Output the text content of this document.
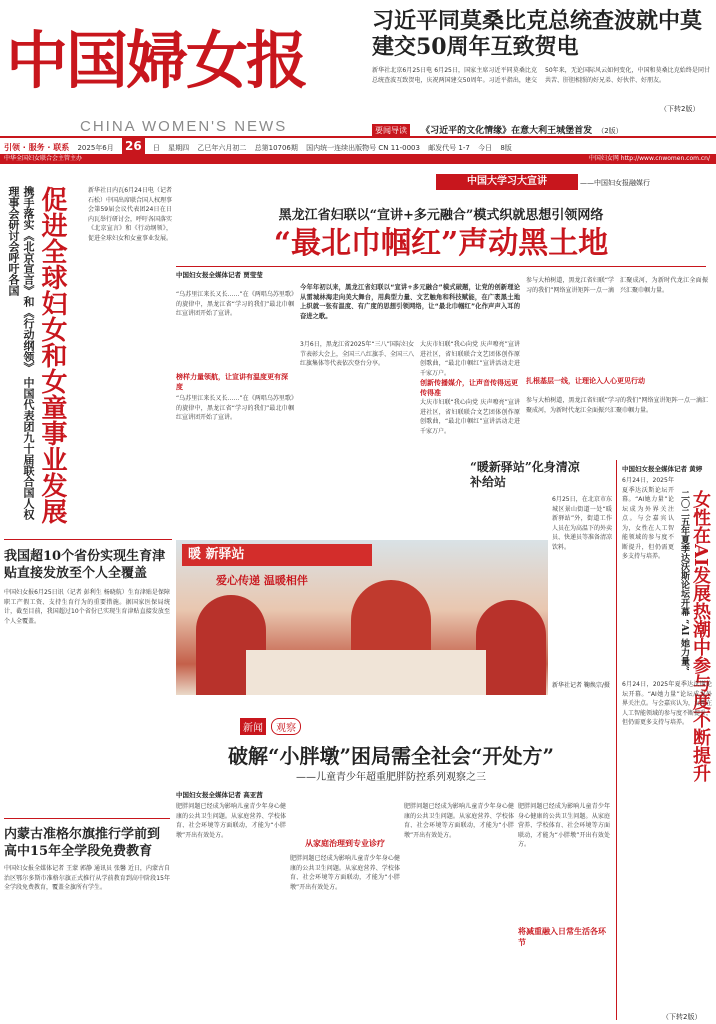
中国婦女报
CHINA WOMEN'S NEWS
引领 · 服务 · 联系 2025年6月 26 日 星期四 乙巳年六月初二 总第10706期 国内统一连续出版物号 CN 11-0003 邮发代号 1-7 今日 8版
中华全国妇女联合会主管主办	中国妇女网 http://www.cnwomen.com.cn/
习近平同莫桑比克总统查波就中莫建交50周年互致贺电
新华社北京6月25日电 6月25日，国家主席习近平同莫桑比克总统查波互致贺电，庆祝两国建交50周年。习近平指出，建交50年来，无论国际风云如何变化，中国和莫桑比克始终是同甘共苦、肝胆相照的好兄弟、好伙伴、好朋友。
（下转2版）
要闻导读 《习近平的文化情缘》在意大利王城堡首发 （2版）
携手落实《北京宣言》和《行动纲领》 中国代表团九十届联合国人权理事会研讨会呼吁各国 促进全球妇女和女童事业发展	新华社日内瓦6月24日电（记者 石松）中国出席联合国人权理事会第59届会议代表团24日在日内瓦举行研讨会，呼吁各国落实《北京宣言》和《行动纲领》，促进全球妇女和女童事业发展。
中国大学习大宣讲	——中国妇女报融媒行
黑龙江省妇联以“宣讲+多元融合”模式织就思想引领网络
“最北巾帼红”声动黑土地
中国妇女报全媒体记者 贾莹莹
今年年初以来，黑龙江省妇联以“宣讲+多元融合”模式破题，让党的创新理论从雷城林海走向美大舞台，用典型力量、文艺触角和科技赋能，在广袤黑土地上织就一张有温度、有广度的思想引领网络，让“最北巾帼红”化作声声入耳的奋进之歌。
“乌苏里江来长又长……”在《两唱乌苏里歌》的旋律中，黑龙江省“学习的我们”最北巾帼红宣讲团开始了宣讲。
榜样力量领航，让宣讲有温度更有深度
“乌苏里江来长又长……”在《两唱乌苏里歌》的旋律中，黑龙江省“学习的我们”最北巾帼红宣讲团开始了宣讲。
3月6日，黑龙江省2025年“三八”国际妇女节表彰大会上，全国三八红旗手、全国三八红旗集体等代表依次登台分享。
大庆市妇联“我心向党 庆声嘹亮”宣讲进社区，省妇联联合文艺团体创作原创歌曲，“最北巾帼红”宣讲活动走进千家万户。
创新传播媒介，让声音传得远更传得准
大庆市妇联“我心向党 庆声嘹亮”宣讲进社区，省妇联联合文艺团体创作原创歌曲，“最北巾帼红”宣讲活动走进千家万户。
参与大柏树道，黑龙江省妇联“学习的我们”网络宣讲矩阵一点一滴汇聚成河，为新时代龙江全面振兴汇聚巾帼力量。
扎根基层一线，让理论入人心更见行动
参与大柏树道，黑龙江省妇联“学习的我们”网络宣讲矩阵一点一滴汇聚成河，为新时代龙江全面振兴汇聚巾帼力量。
暖 新驿站
爱心传递 温暖相伴
“暖新驿站”化身清凉补给站
6月25日，在北京市东城区景山街道一处“暖新驿站”外，街道工作人员在为高温下的外卖员、快递员等准备清凉饮料。
新华社记者 鞠焕宗/摄
我国超10个省份实现生育津贴直接发放至个人全覆盖
中国妇女报6月25日讯（记者 彭利生 杨晓航）生育津贴是保障职工产假工资、支持生育行为的重要措施。据国家医保局统计，截至目前，我国超过10个省份已实现生育津贴直接发放至个人全覆盖。
内蒙古准格尔旗推行学前到高中15年全学段免费教育
中国妇女报全媒体记者 王蒙 郭静 通讯员 张馨 近日，内蒙古自治区鄂尔多斯市准格尔旗正式推行从学前教育到高中阶段15年全学段免费教育，覆盖全旗所有学生。
新闻 观察
破解“小胖墩”困局需全社会“开处方”
——儿童青少年超重肥胖防控系列观察之三
中国妇女报全媒体记者 高亚茜
肥胖问题已经成为影响儿童青少年身心健康的公共卫生问题。从家庭营养、学校体育、社会环境等方面联动，才能为“小胖墩”开出有效处方。
从家庭治理到专业诊疗
肥胖问题已经成为影响儿童青少年身心健康的公共卫生问题。从家庭营养、学校体育、社会环境等方面联动，才能为“小胖墩”开出有效处方。
肥胖问题已经成为影响儿童青少年身心健康的公共卫生问题。从家庭营养、学校体育、社会环境等方面联动，才能为“小胖墩”开出有效处方。
将减重融入日常生活各环节
肥胖问题已经成为影响儿童青少年身心健康的公共卫生问题。从家庭营养、学校体育、社会环境等方面联动，才能为“小胖墩”开出有效处方。
中国妇女报全媒体记者 黄婷
6月24日，2025年夏季达沃斯论坛开幕。“AI她力量”论坛成为外界关注点。与会嘉宾认为，女性在人工智能领域的参与度不断提升，但仍需更多支持与培养。	二〇二五年夏季达沃斯论坛开幕 “AI 她力量” 女性在AI发展热潮中参与度不断提升
6月24日，2025年夏季达沃斯论坛开幕。“AI她力量”论坛成为外界关注点。与会嘉宾认为，女性在人工智能领域的参与度不断提升，但仍需更多支持与培养。
（下转2版）
